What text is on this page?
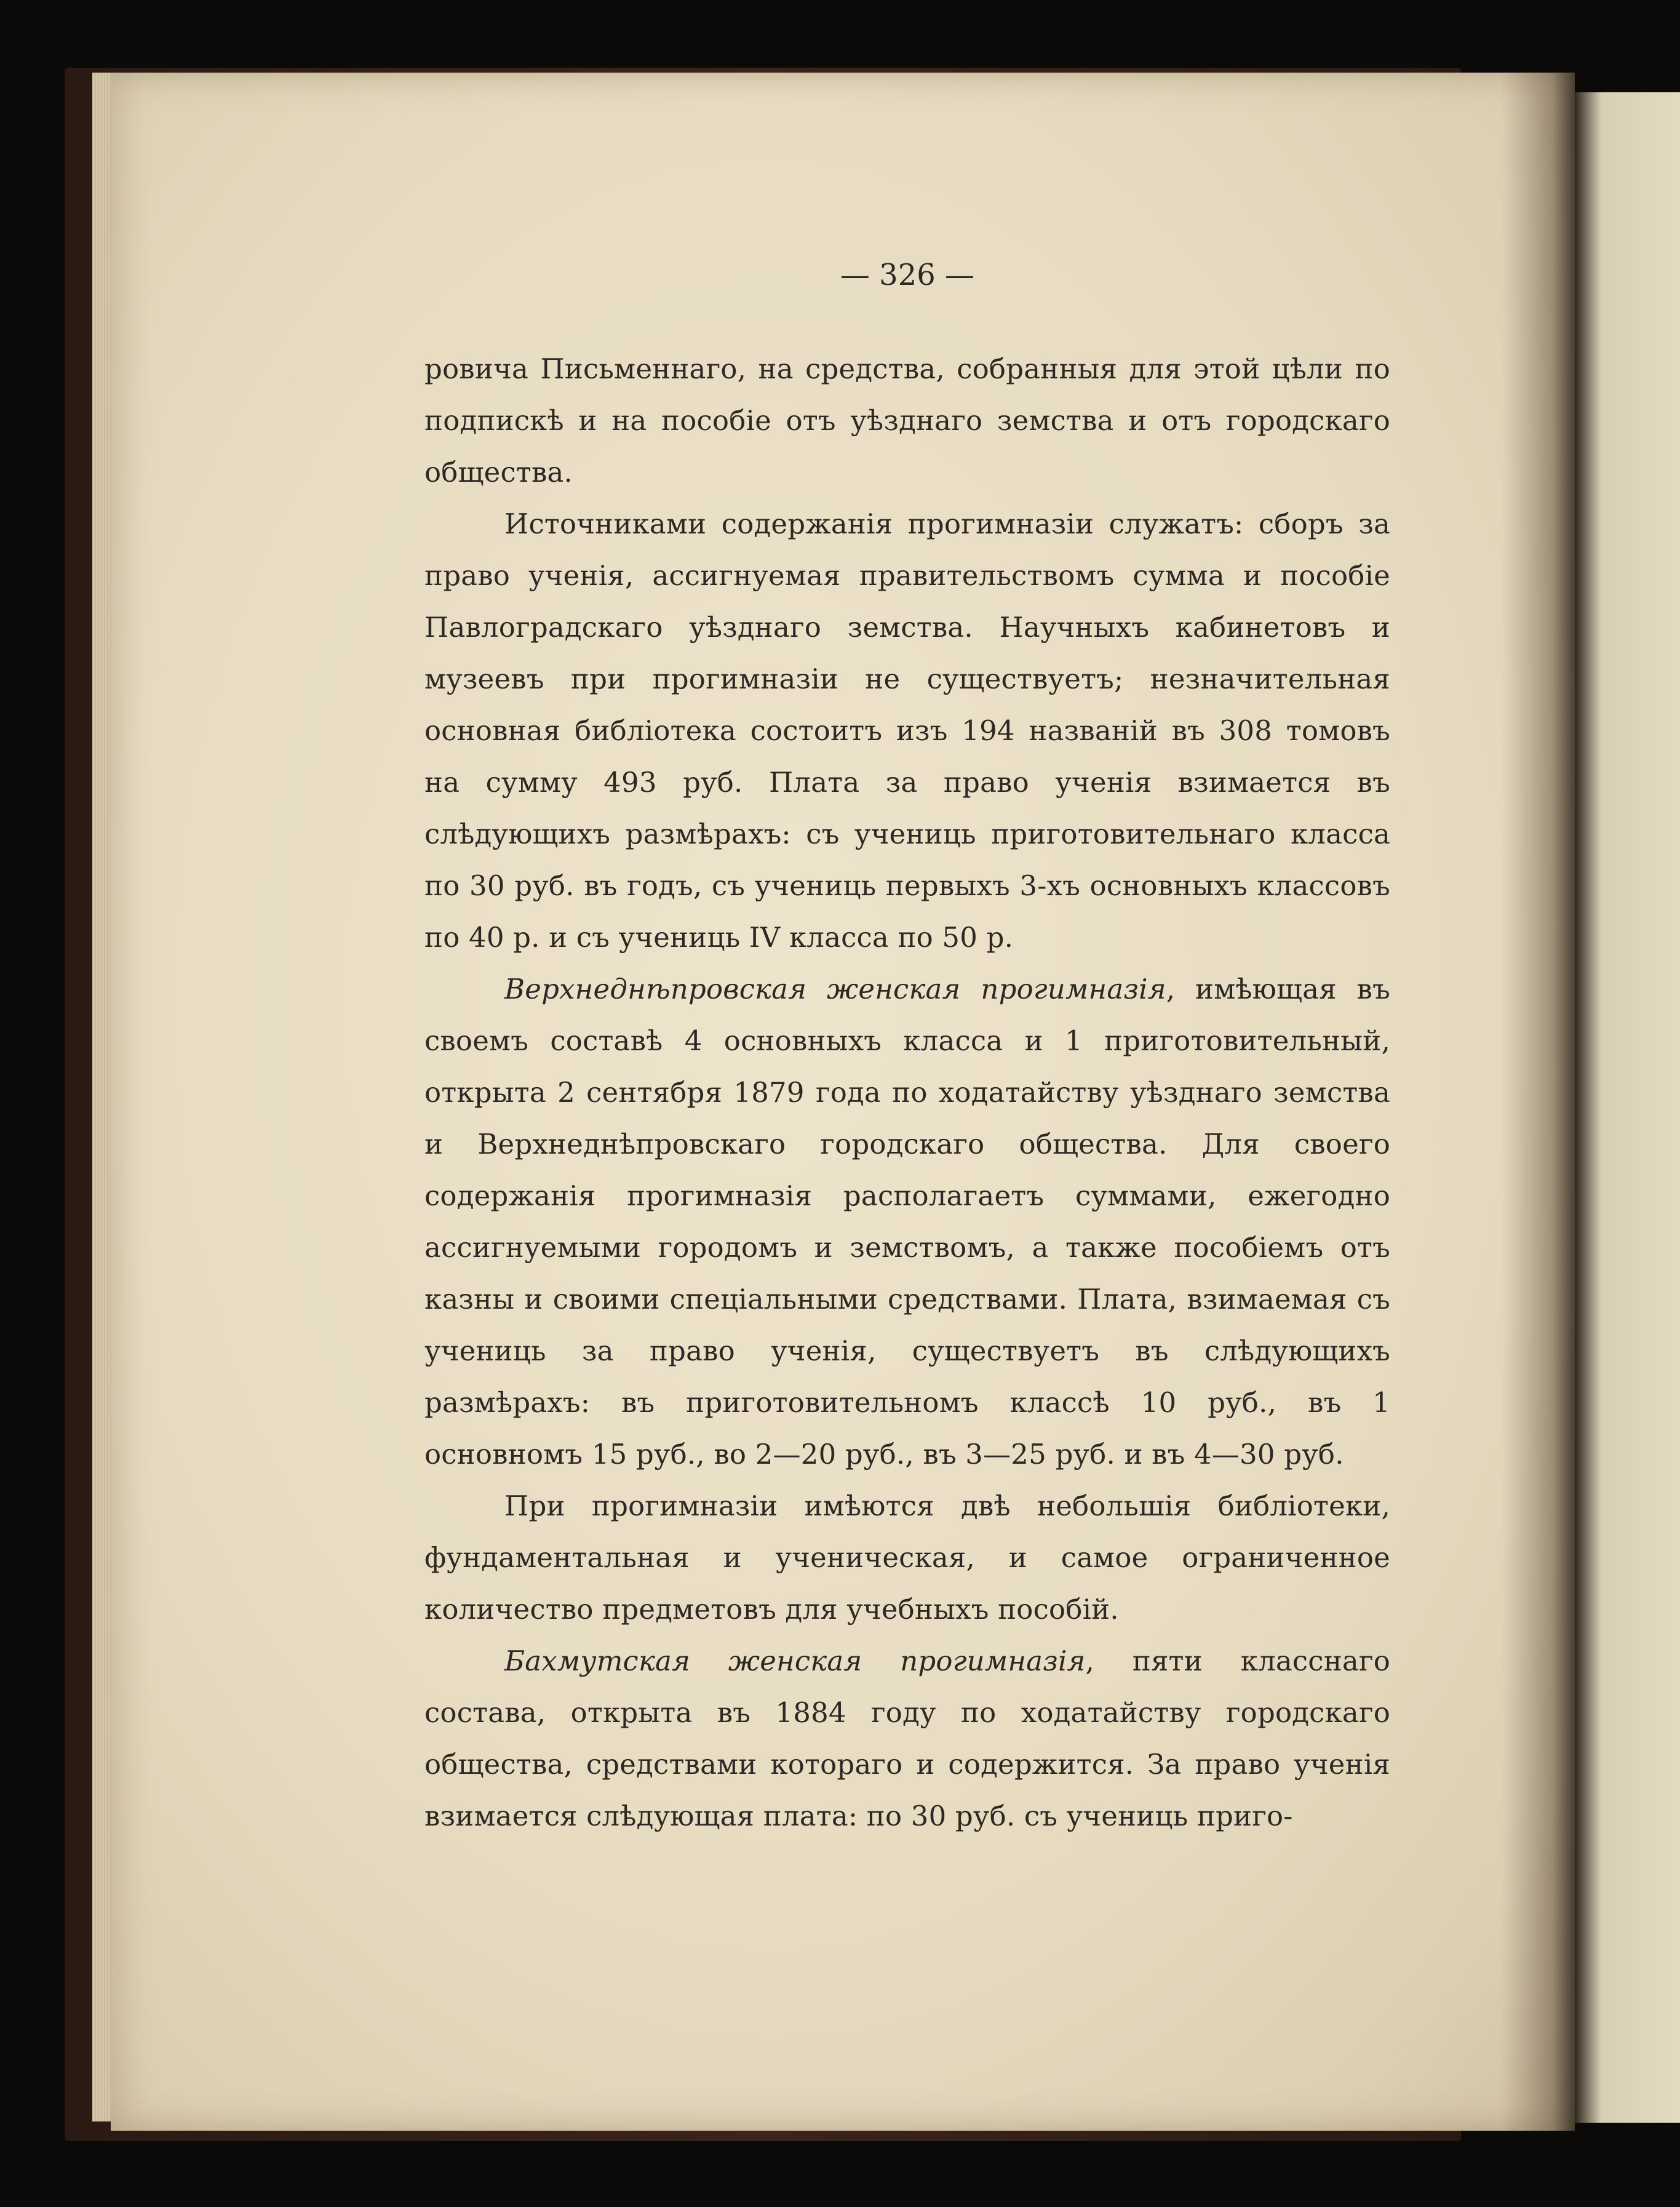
— 326 —

ровича Письменнаго, на средства, собранныя для этой цѣли по подпискѣ и на пособіе отъ уѣзднаго земства и отъ городскаго общества.

Источниками содержанія прогимназіи служатъ: сборъ за право ученія, ассигнуемая правительствомъ сумма и пособіе Павлоградскаго уѣзднаго земства. Научныхъ кабинетовъ и музеевъ при прогимназіи не существуетъ; незначительная основная библіотека состоитъ изъ 194 названій въ 308 томовъ на сумму 493 руб. Плата за право ученія взимается въ слѣдующихъ размѣрахъ: съ учениць приготовительнаго класса по 30 руб. въ годъ, съ учениць первыхъ 3-хъ основныхъ классовъ по 40 р. и съ учениць IV класса по 50 р.

Верхнеднѣпровская женская прогимназія, имѣющая въ своемъ составѣ 4 основныхъ класса и 1 приготовительный, открыта 2 сентября 1879 года по ходатайству уѣзднаго земства и Верхнеднѣпровскаго городскаго общества. Для своего содержанія прогимназія располагаетъ суммами, ежегодно ассигнуемыми городомъ и земствомъ, а также пособіемъ отъ казны и своими спеціальными средствами. Плата, взимаемая съ учениць за право ученія, существуетъ въ слѣдующихъ размѣрахъ: въ приготовительномъ классѣ 10 руб., въ 1 основномъ 15 руб., во 2—20 руб., въ 3—25 руб. и въ 4—30 руб.

При прогимназіи имѣются двѣ небольшія библіотеки, фундаментальная и ученическая, и самое ограниченное количество предметовъ для учебныхъ пособій.

Бахмутская женская прогимназія, пяти класснаго состава, открыта въ 1884 году по ходатайству городскаго общества, средствами котораго и содержится. За право ученія взимается слѣдующая плата: по 30 руб. съ учениць приго-
